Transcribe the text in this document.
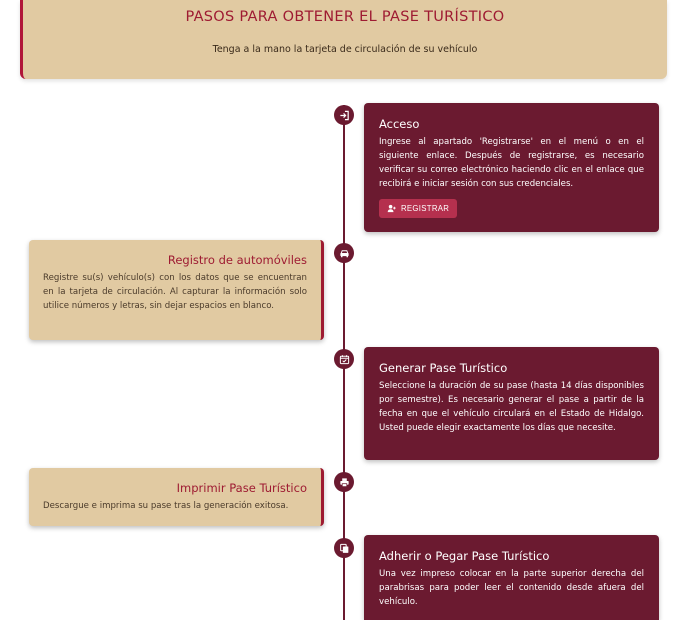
PASOS PARA OBTENER EL PASE TURÍSTICO
Tenga a la mano la tarjeta de circulación de su vehículo
Acceso

Ingrese al apartado 'Registrarse' en el menú o en el siguiente enlace. Después de registrarse, es necesario verificar su correo electrónico haciendo clic en el enlace que recibirá e iniciar sesión con sus credenciales.

REGISTRAR
Registro de automóviles

Registre su(s) vehículo(s) con los datos que se encuentran en la tarjeta de circulación. Al capturar la información solo utilice números y letras, sin dejar espacios en blanco.

Generar Pase Turístico

Seleccione la duración de su pase (hasta 14 días disponibles por semestre). Es necesario generar el pase a partir de la fecha en que el vehículo circulará en el Estado de Hidalgo. Usted puede elegir exactamente los días que necesite.

Imprimir Pase Turístico

Descargue e imprima su pase tras la generación exitosa.

Adherir o Pegar Pase Turístico

Una vez impreso colocar en la parte superior derecha del parabrisas para poder leer el contenido desde afuera del vehículo.
